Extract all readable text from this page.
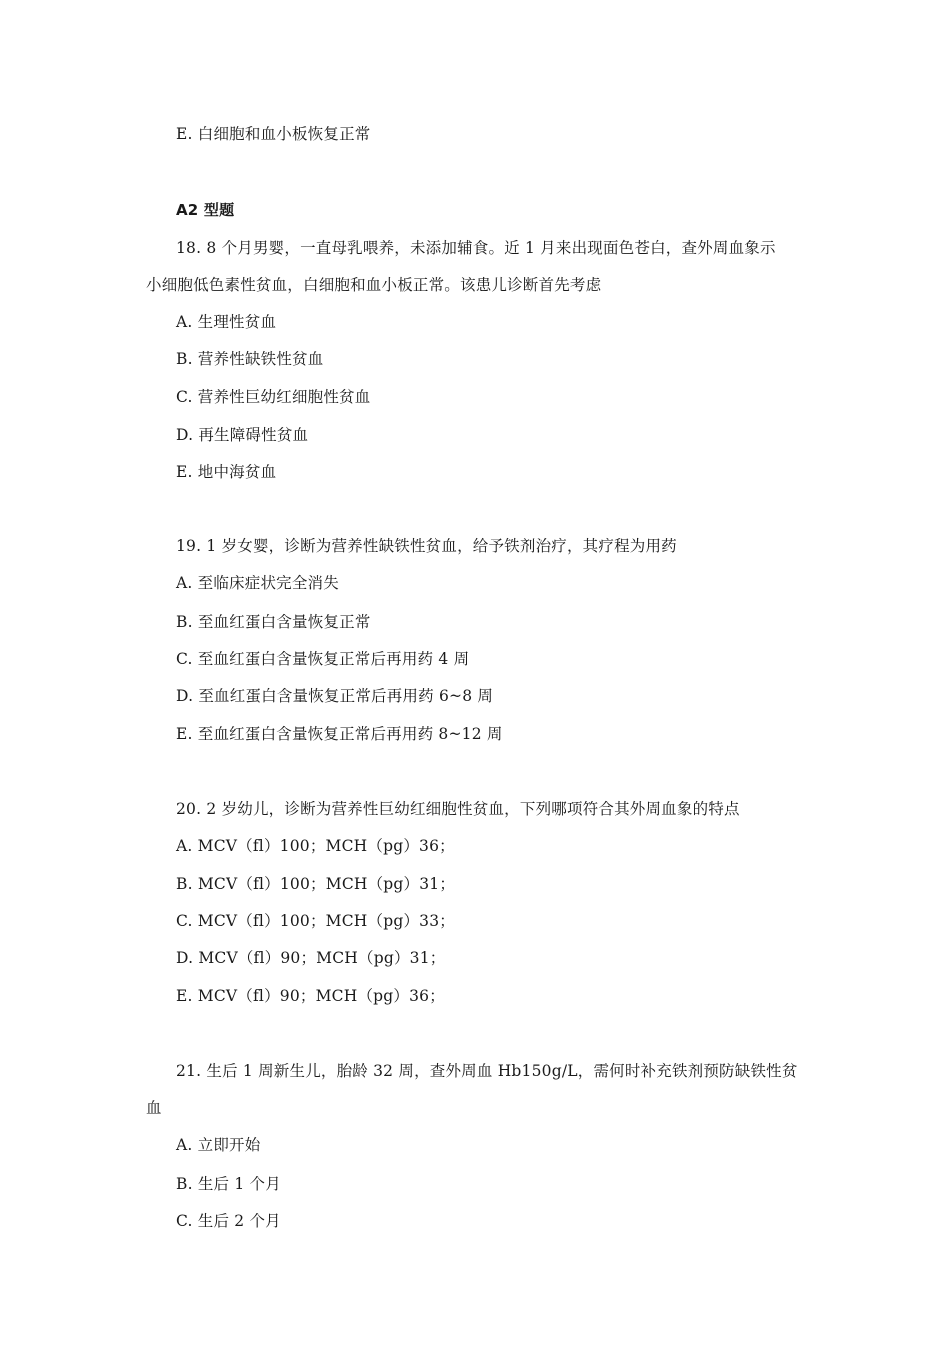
E. 白细胞和血小板恢复正常
A2 型题
18. 8 个月男婴，一直母乳喂养，未添加辅食。近 1 月来出现面色苍白，查外周血象示
小细胞低色素性贫血，白细胞和血小板正常。该患儿诊断首先考虑
A. 生理性贫血
B. 营养性缺铁性贫血
C. 营养性巨幼红细胞性贫血
D. 再生障碍性贫血
E. 地中海贫血
19. 1 岁女婴，诊断为营养性缺铁性贫血，给予铁剂治疗，其疗程为用药
A. 至临床症状完全消失
B. 至血红蛋白含量恢复正常
C. 至血红蛋白含量恢复正常后再用药 4 周
D. 至血红蛋白含量恢复正常后再用药 6~8 周
E. 至血红蛋白含量恢复正常后再用药 8~12 周
20. 2 岁幼儿，诊断为营养性巨幼红细胞性贫血，下列哪项符合其外周血象的特点
A. MCV（fl）100；MCH（pg）36；
B. MCV（fl）100；MCH（pg）31；
C. MCV（fl）100；MCH（pg）33；
D. MCV（fl）90；MCH（pg）31；
E. MCV（fl）90；MCH（pg）36；
21. 生后 1 周新生儿，胎龄 32 周，查外周血 Hb150g/L，需何时补充铁剂预防缺铁性贫
血
A. 立即开始
B. 生后 1 个月
C. 生后 2 个月
